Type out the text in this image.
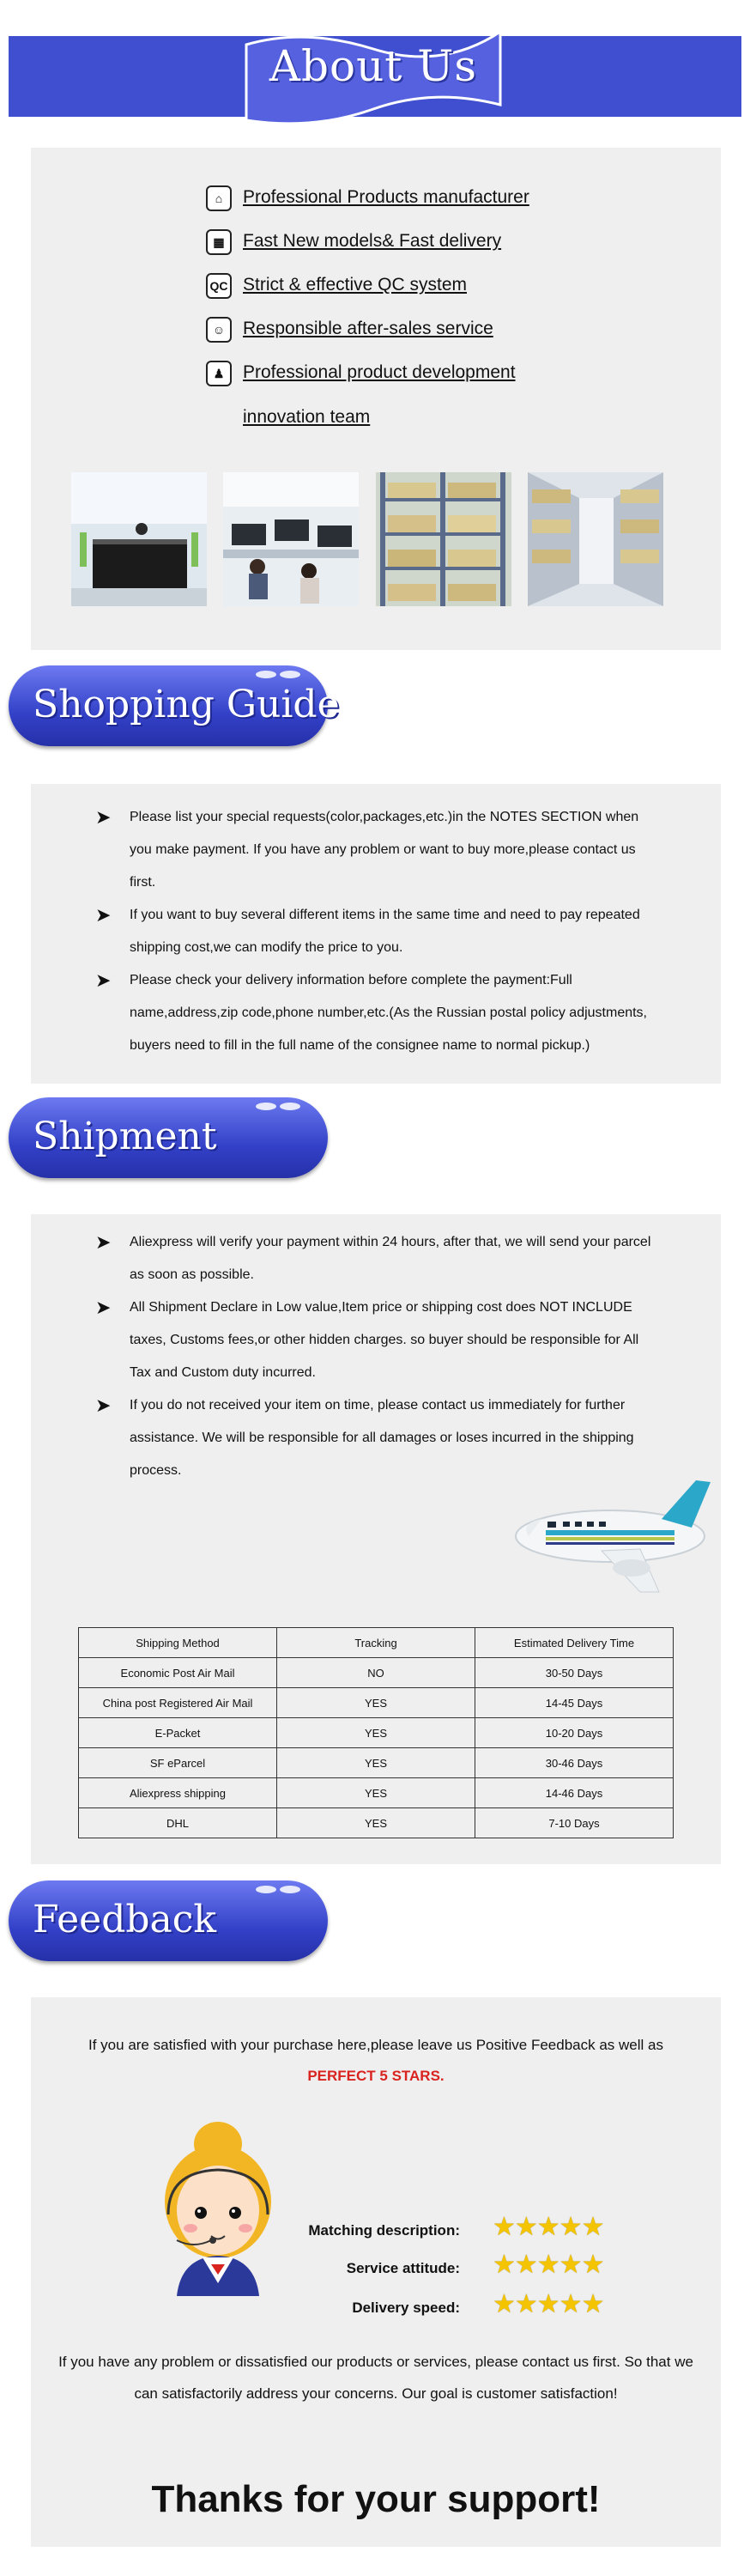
About Us
⌂	Professional Products manufacturer
▦	Fast New models& Fast delivery
QC Strict & effective QC system
☺ Responsible after-sales service
♟	Professional product development
innovation team
Shopping Guide
➤ Please list your special requests(color,packages,etc.)in the NOTES SECTION when
you make payment. If you have any problem or want to buy more,please contact us
first.
➤ If you want to buy several different items in the same time and need to pay repeated
shipping cost,we can modify the price to you.
➤ Please check your delivery information before complete the payment:Full
name,address,zip code,phone number,etc.(As the Russian postal policy adjustments,
buyers need to fill in the full name of the consignee name to normal pickup.)
Shipment
➤ Aliexpress will verify your payment within 24 hours, after that, we will send your parcel
as soon as possible.
➤ All Shipment Declare in Low value,Item price or shipping cost does NOT INCLUDE
taxes, Customs fees,or other hidden charges. so buyer should be responsible for All
Tax and Custom duty incurred.
➤ If you do not received your item on time, please contact us immediately for further
assistance. We will be responsible for all damages or loses incurred in the shipping
process.
Shipping Method	Tracking	Estimated Delivery Time
Economic Post Air Mail	NO	30-50 Days
China post Registered Air Mail	YES	14-45 Days
E-Packet	YES	10-20 Days
SF eParcel	YES	30-46 Days
Aliexpress shipping	YES	14-46 Days
DHL	YES	7-10 Days
Feedback
If you are satisfied with your purchase here,please leave us Positive Feedback as well as
PERFECT 5 STARS.
Matching description: ★★★★★
Service attitude: ★★★★★
Delivery speed: ★★★★★
If you have any problem or dissatisfied our products or services, please contact us first. So that we
can satisfactorily address your concerns. Our goal is customer satisfaction!
Thanks for your support!
